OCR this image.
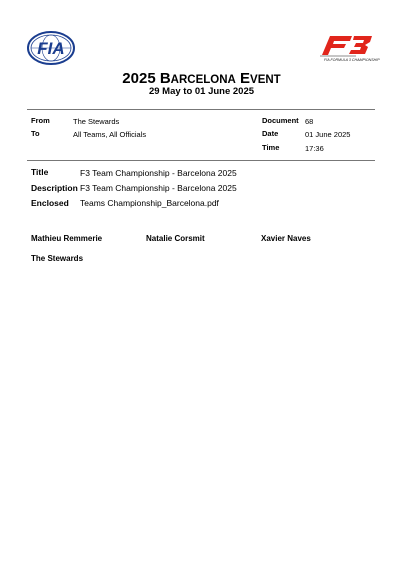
FIA
FIA FORMULA 3 CHAMPIONSHIP
2025 BARCELONA EVENT
29 May to 01 June 2025
From	The Stewards
To	All Teams, All Officials
Document 68
Date	01 June 2025
Time	17:36
Title	F3 Team Championship - Barcelona 2025
Description F3 Team Championship - Barcelona 2025
Enclosed Teams Championship_Barcelona.pdf
Mathieu Remmerie	Natalie Corsmit	Xavier Naves
The Stewards
